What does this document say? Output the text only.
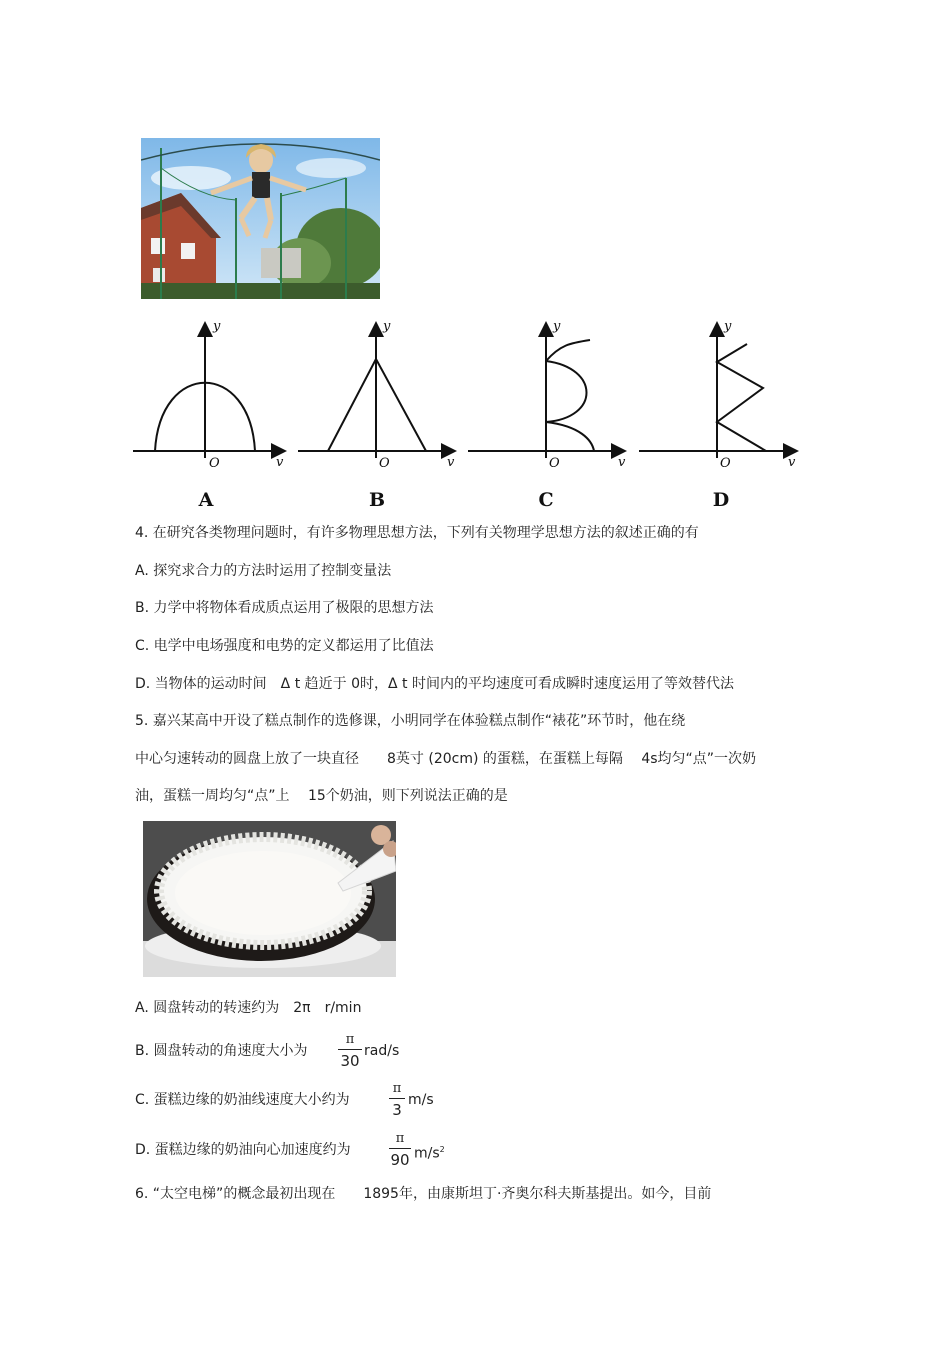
y
O	v
y
O	v
y
O	v
y
O	v
A	B	C	D
4. 在研究各类物理问题时，有许多物理思想方法，下列有关物理学思想方法的叙述正确的有
A. 探究求合力的方法时运用了控制变量法
B. 力学中将物体看成质点运用了极限的思想方法
C. 电学中电场强度和电势的定义都运用了比值法
D. 当物体的运动时间　Δ t 趋近于 0时，Δ t 时间内的平均速度可看成瞬时速度运用了等效替代法
5. 嘉兴某高中开设了糕点制作的选修课，小明同学在体验糕点制作“裱花”环节时，他在绕
中心匀速转动的圆盘上放了一块直径　　8英寸 (20cm) 的蛋糕，在蛋糕上每隔　 4s均匀“点”一次奶
油，蛋糕一周均匀“点”上　 15个奶油，则下列说法正确的是
A. 圆盘转动的转速约为　2π　r/min
B. 圆盘转动的角速度大小为
π
30
rad/s
C. 蛋糕边缘的奶油线速度大小约为
π
3
m/s
D. 蛋糕边缘的奶油向心加速度约为
π
90 $m/s^2$
6. “太空电梯”的概念最初出现在　　1895年，由康斯坦丁·齐奥尔科夫斯基提出。如今，目前
